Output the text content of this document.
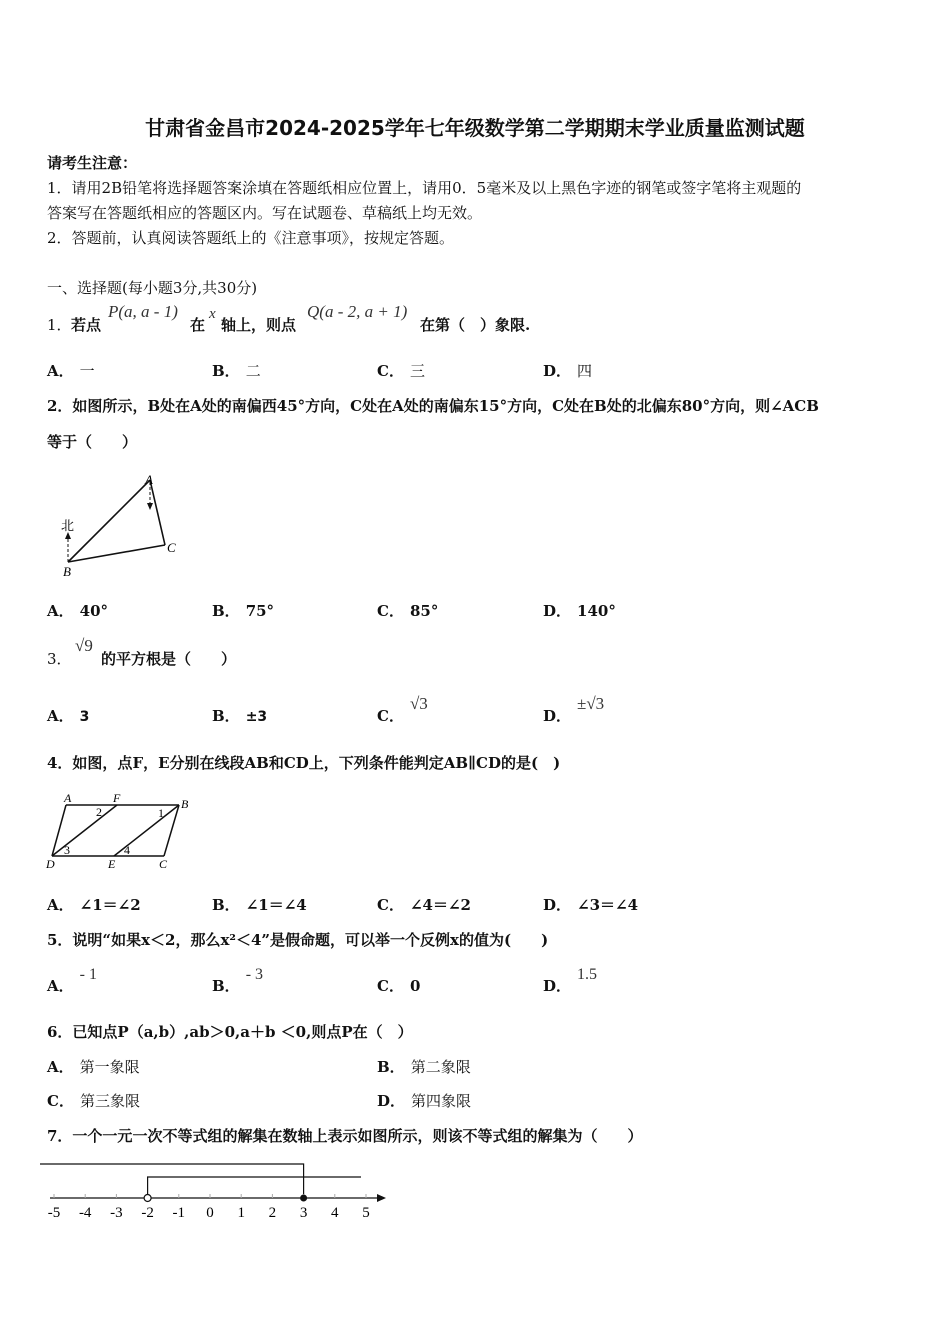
甘肃省金昌市2024-2025学年七年级数学第二学期期末学业质量监测试题
请考生注意：
1．请用2B铅笔将选择题答案涂填在答题纸相应位置上，请用0．5毫米及以上黑色字迹的钢笔或签字笔将主观题的
答案写在答题纸相应的答题区内。写在试题卷、草稿纸上均无效。
2．答题前，认真阅读答题纸上的《注意事项》，按规定答题。
一、选择题(每小题3分,共30分)
1． 若点
P(a, a - 1)
在
x
轴上，则点
Q(a - 2, a + 1)
在第（　）象限.
A． 一	B． 二	C． 三	D． 四
2．如图所示，B处在A处的南偏西45°方向，C处在A处的南偏东15°方向，C处在B处的北偏东80°方向，则∠ACB
等于（　　）
北
A
B
C
A． 40°	B． 75°	C． 85°	D． 140°
3．
√9
的平方根是（　　）
A． 3	B． ±3	C．√3
D．±√3
4．如图，点F，E分别在线段AB和CD上，下列条件能判定AB∥CD的是(　)
A	F	B
D	E	C
1
2
3	4
A． ∠1＝∠2	B． ∠1＝∠4	C． ∠4＝∠2	D． ∠3＝∠4
5．说明“如果x＜2，那么x²＜4”是假命题，可以举一个反例x的值为(　　)
A．- 1
B．- 3
C． 0	D．1.5
6．已知点P（a,b）,ab＞0,a＋b ＜0,则点P在（　）
A． 第一象限	B． 第二象限
C． 第三象限	D． 第四象限
7．一个一元一次不等式组的解集在数轴上表示如图所示，则该不等式组的解集为（　　）
-5 -4 -3 -2 -1 0 1 2 3 4 5
